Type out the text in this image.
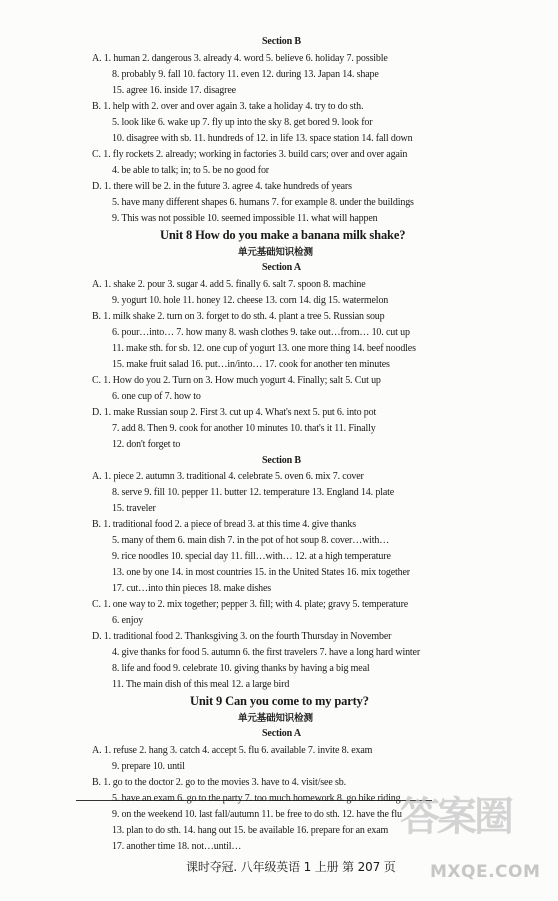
答案圈
MXQE.COM
Section B
A. 1. human 2. dangerous 3. already 4. word 5. believe 6. holiday 7. possible
8. probably 9. fall 10. factory 11. even 12. during 13. Japan 14. shape
15. agree 16. inside 17. disagree
B. 1. help with 2. over and over again 3. take a holiday 4. try to do sth.
5. look like 6. wake up 7. fly up into the sky 8. get bored 9. look for
10. disagree with sb. 11. hundreds of 12. in life 13. space station 14. fall down
C. 1. fly rockets 2. already; working in factories 3. build cars; over and over again
4. be able to talk; in; to 5. be no good for
D. 1. there will be 2. in the future 3. agree 4. take hundreds of years
5. have many different shapes 6. humans 7. for example 8. under the buildings
9. This was not possible 10. seemed impossible 11. what will happen
Unit 8 How do you make a banana milk shake?
单元基础知识检测
Section A
A. 1. shake 2. pour 3. sugar 4. add 5. finally 6. salt 7. spoon 8. machine
9. yogurt 10. hole 11. honey 12. cheese 13. corn 14. dig 15. watermelon
B. 1. milk shake 2. turn on 3. forget to do sth. 4. plant a tree 5. Russian soup
6. pour…into… 7. how many 8. wash clothes 9. take out…from… 10. cut up
11. make sth. for sb. 12. one cup of yogurt 13. one more thing 14. beef noodles
15. make fruit salad 16. put…in/into… 17. cook for another ten minutes
C. 1. How do you 2. Turn on 3. How much yogurt 4. Finally; salt 5. Cut up
6. one cup of 7. how to
D. 1. make Russian soup 2. First 3. cut up 4. What's next 5. put 6. into pot
7. add 8. Then 9. cook for another 10 minutes 10. that's it 11. Finally
12. don't forget to
Section B
A. 1. piece 2. autumn 3. traditional 4. celebrate 5. oven 6. mix 7. cover
8. serve 9. fill 10. pepper 11. butter 12. temperature 13. England 14. plate
15. traveler
B. 1. traditional food 2. a piece of bread 3. at this time 4. give thanks
5. many of them 6. main dish 7. in the pot of hot soup 8. cover…with…
9. rice noodles 10. special day 11. fill…with… 12. at a high temperature
13. one by one 14. in most countries 15. in the United States 16. mix together
17. cut…into thin pieces 18. make dishes
C. 1. one way to 2. mix together; pepper 3. fill; with 4. plate; gravy 5. temperature
6. enjoy
D. 1. traditional food 2. Thanksgiving 3. on the fourth Thursday in November
4. give thanks for food 5. autumn 6. the first travelers 7. have a long hard winter
8. life and food 9. celebrate 10. giving thanks by having a big meal
11. The main dish of this meal 12. a large bird
Unit 9 Can you come to my party?
单元基础知识检测
Section A
A. 1. refuse 2. hang 3. catch 4. accept 5. flu 6. available 7. invite 8. exam
9. prepare 10. until
B. 1. go to the doctor 2. go to the movies 3. have to 4. visit/see sb.
5. have an exam 6. go to the party 7. too much homework 8. go bike riding
9. on the weekend 10. last fall/autumn 11. be free to do sth. 12. have the flu
13. plan to do sth. 14. hang out 15. be available 16. prepare for an exam
17. another time 18. not…until…
课时夺冠. 八年级英语 1 上册 第 207 页
